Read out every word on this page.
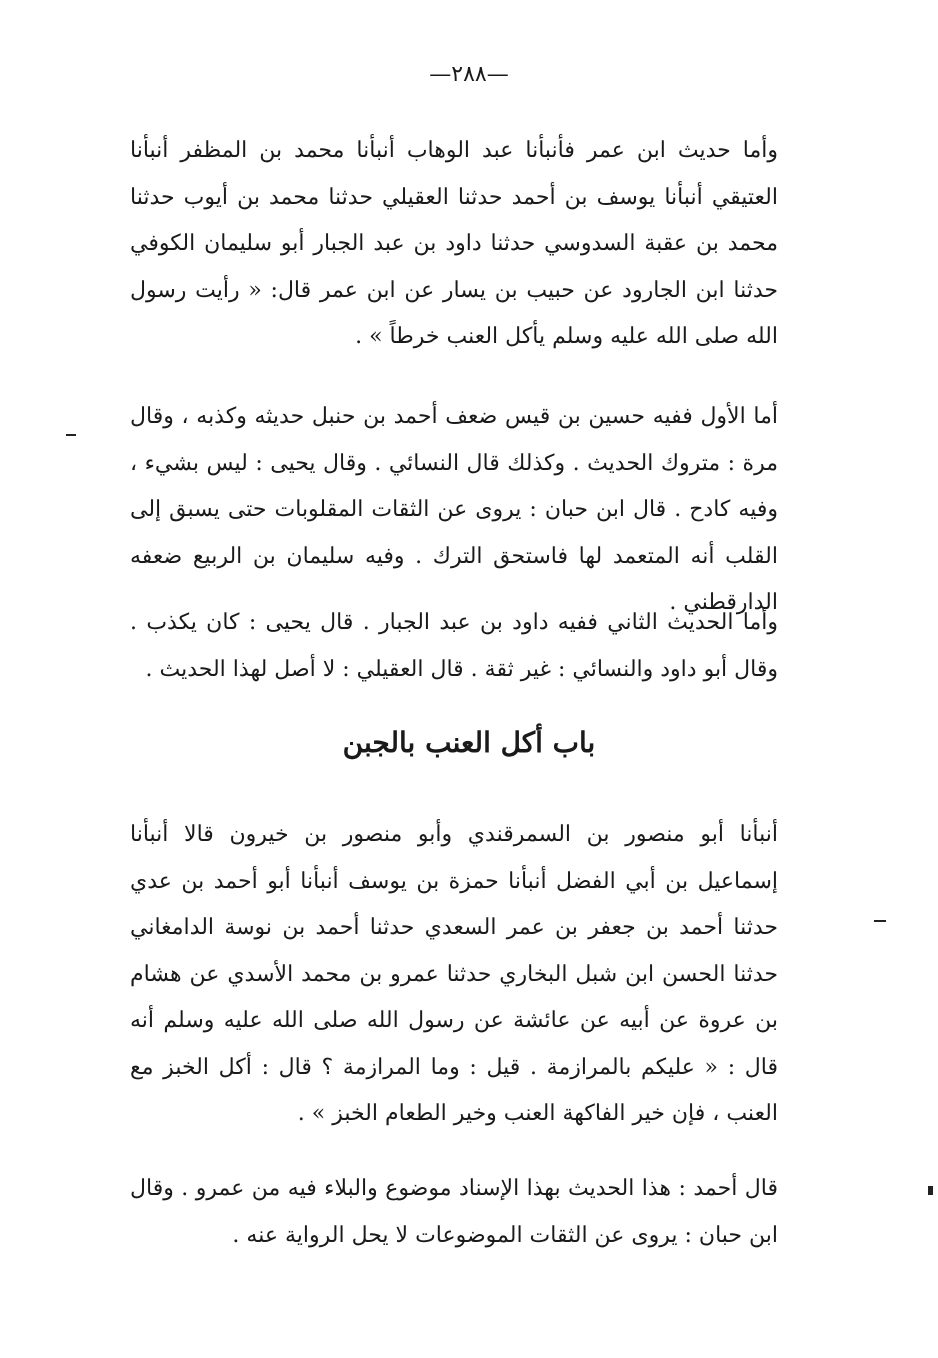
—٢٨٨—

وأما حديث ابن عمر فأنبأنا عبد الوهاب أنبأنا محمد بن المظفر أنبأنا العتيقي أنبأنا يوسف بن أحمد حدثنا العقيلي حدثنا محمد بن أيوب حدثنا محمد بن عقبة السدوسي حدثنا داود بن عبد الجبار أبو سليمان الكوفي حدثنا ابن الجارود عن حبيب بن يسار عن ابن عمر قال: « رأيت رسول الله صلى الله عليه وسلم يأكل العنب خرطاً » .

أما الأول ففيه حسين بن قيس ضعف أحمد بن حنبل حديثه وكذبه ، وقال مرة : متروك الحديث . وكذلك قال النسائي . وقال يحيى : ليس بشيء ، وفيه كادح . قال ابن حبان : يروى عن الثقات المقلوبات حتى يسبق إلى القلب أنه المتعمد لها فاستحق الترك . وفيه سليمان بن الربيع ضعفه الدارقطني .

وأما الحديث الثاني ففيه داود بن عبد الجبار . قال يحيى : كان يكذب . وقال أبو داود والنسائي : غير ثقة . قال العقيلي : لا أصل لهذا الحديث .

باب أكل العنب بالجبن

أنبأنا أبو منصور بن السمرقندي وأبو منصور بن خيرون قالا أنبأنا إسماعيل بن أبي الفضل أنبأنا حمزة بن يوسف أنبأنا أبو أحمد بن عدي حدثنا أحمد بن جعفر بن عمر السعدي حدثنا أحمد بن نوسة الدامغاني حدثنا الحسن ابن شبل البخاري حدثنا عمرو بن محمد الأسدي عن هشام بن عروة عن أبيه عن عائشة عن رسول الله صلى الله عليه وسلم أنه قال : « عليكم بالمرازمة . قيل : وما المرازمة ؟ قال : أكل الخبز مع العنب ، فإن خير الفاكهة العنب وخير الطعام الخبز » .

قال أحمد : هذا الحديث بهذا الإسناد موضوع والبلاء فيه من عمرو . وقال ابن حبان : يروى عن الثقات الموضوعات لا يحل الرواية عنه .
